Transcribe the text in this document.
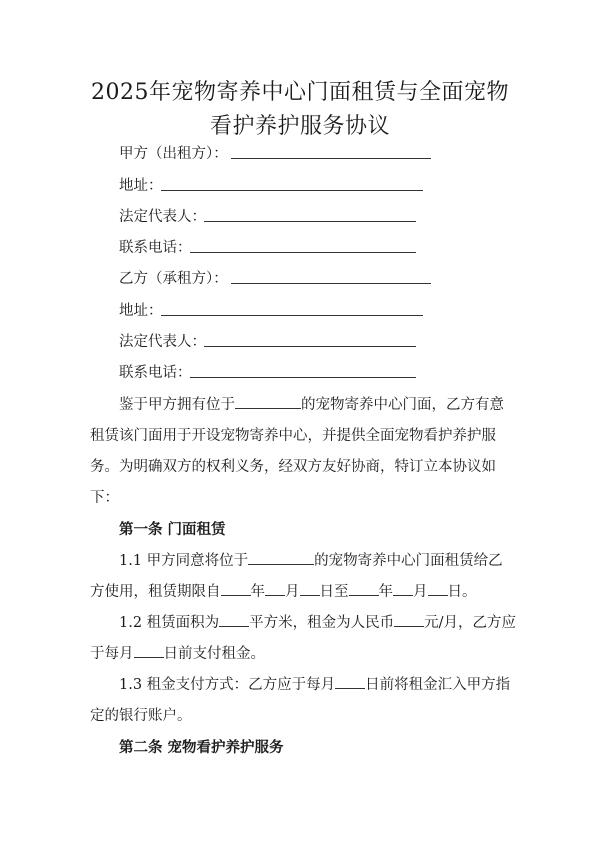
2025年宠物寄养中心门面租赁与全面宠物
看护养护服务协议
甲方（出租方）：
地址：
法定代表人：
联系电话：
乙方（承租方）：
地址：
法定代表人：
联系电话：
鉴于甲方拥有位于	的宠物寄养中心门面，乙方有意
租赁该门面用于开设宠物寄养中心，并提供全面宠物看护养护服
务。为明确双方的权利义务，经双方友好协商，特订立本协议如
下：
第一条 门面租赁
1.1 甲方同意将位于	的宠物寄养中心门面租赁给乙
方使用，租赁期限自 年 月 日至 年 月 日。
1.2 租赁面积为 平方米，租金为人民币 元/月，乙方应
于每月 日前支付租金。
1.3 租金支付方式：乙方应于每月 日前将租金汇入甲方指
定的银行账户。
第二条 宠物看护养护服务
